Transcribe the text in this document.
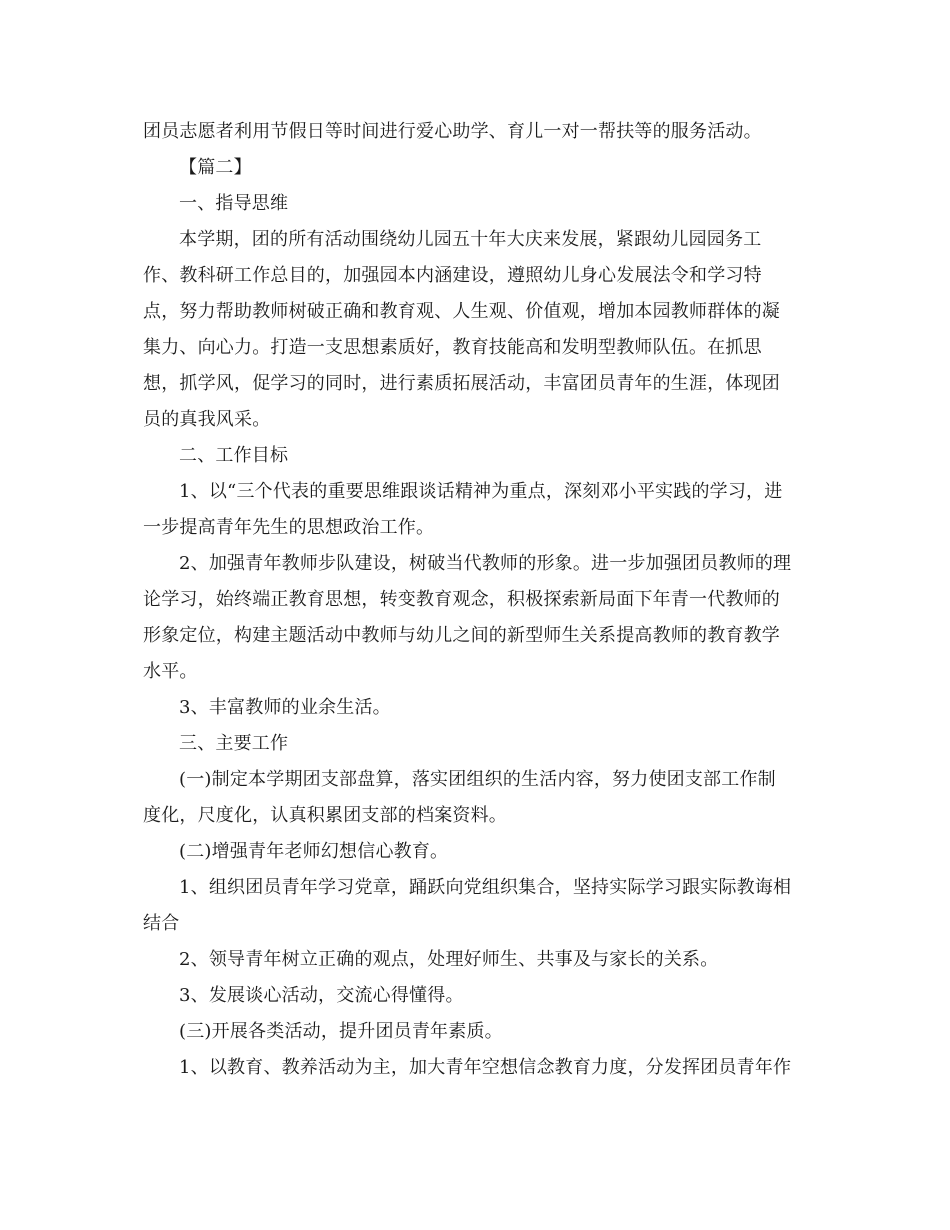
团员志愿者利用节假日等时间进行爱心助学、育儿一对一帮扶等的服务活动。
【篇二】
一、指导思维
本学期，团的所有活动围绕幼儿园五十年大庆来发展，紧跟幼儿园园务工
作、教科研工作总目的，加强园本内涵建设，遵照幼儿身心发展法令和学习特
点，努力帮助教师树破正确和教育观、人生观、价值观，增加本园教师群体的凝
集力、向心力。打造一支思想素质好，教育技能高和发明型教师队伍。在抓思
想，抓学风，促学习的同时，进行素质拓展活动，丰富团员青年的生涯，体现团
员的真我风采。
二、工作目标
1、以“三个代表的重要思维跟谈话精神为重点，深刻邓小平实践的学习，进
一步提高青年先生的思想政治工作。
2、加强青年教师步队建设，树破当代教师的形象。进一步加强团员教师的理
论学习，始终端正教育思想，转变教育观念，积极探索新局面下年青一代教师的
形象定位，构建主题活动中教师与幼儿之间的新型师生关系提高教师的教育教学
水平。
3、丰富教师的业余生活。
三、主要工作
(一)制定本学期团支部盘算，落实团组织的生活内容，努力使团支部工作制
度化，尺度化，认真积累团支部的档案资料。
(二)增强青年老师幻想信心教育。
1、组织团员青年学习党章，踊跃向党组织集合，坚持实际学习跟实际教诲相
结合
2、领导青年树立正确的观点，处理好师生、共事及与家长的关系。
3、发展谈心活动，交流心得懂得。
(三)开展各类活动，提升团员青年素质。
1、以教育、教养活动为主，加大青年空想信念教育力度，分发挥团员青年作
